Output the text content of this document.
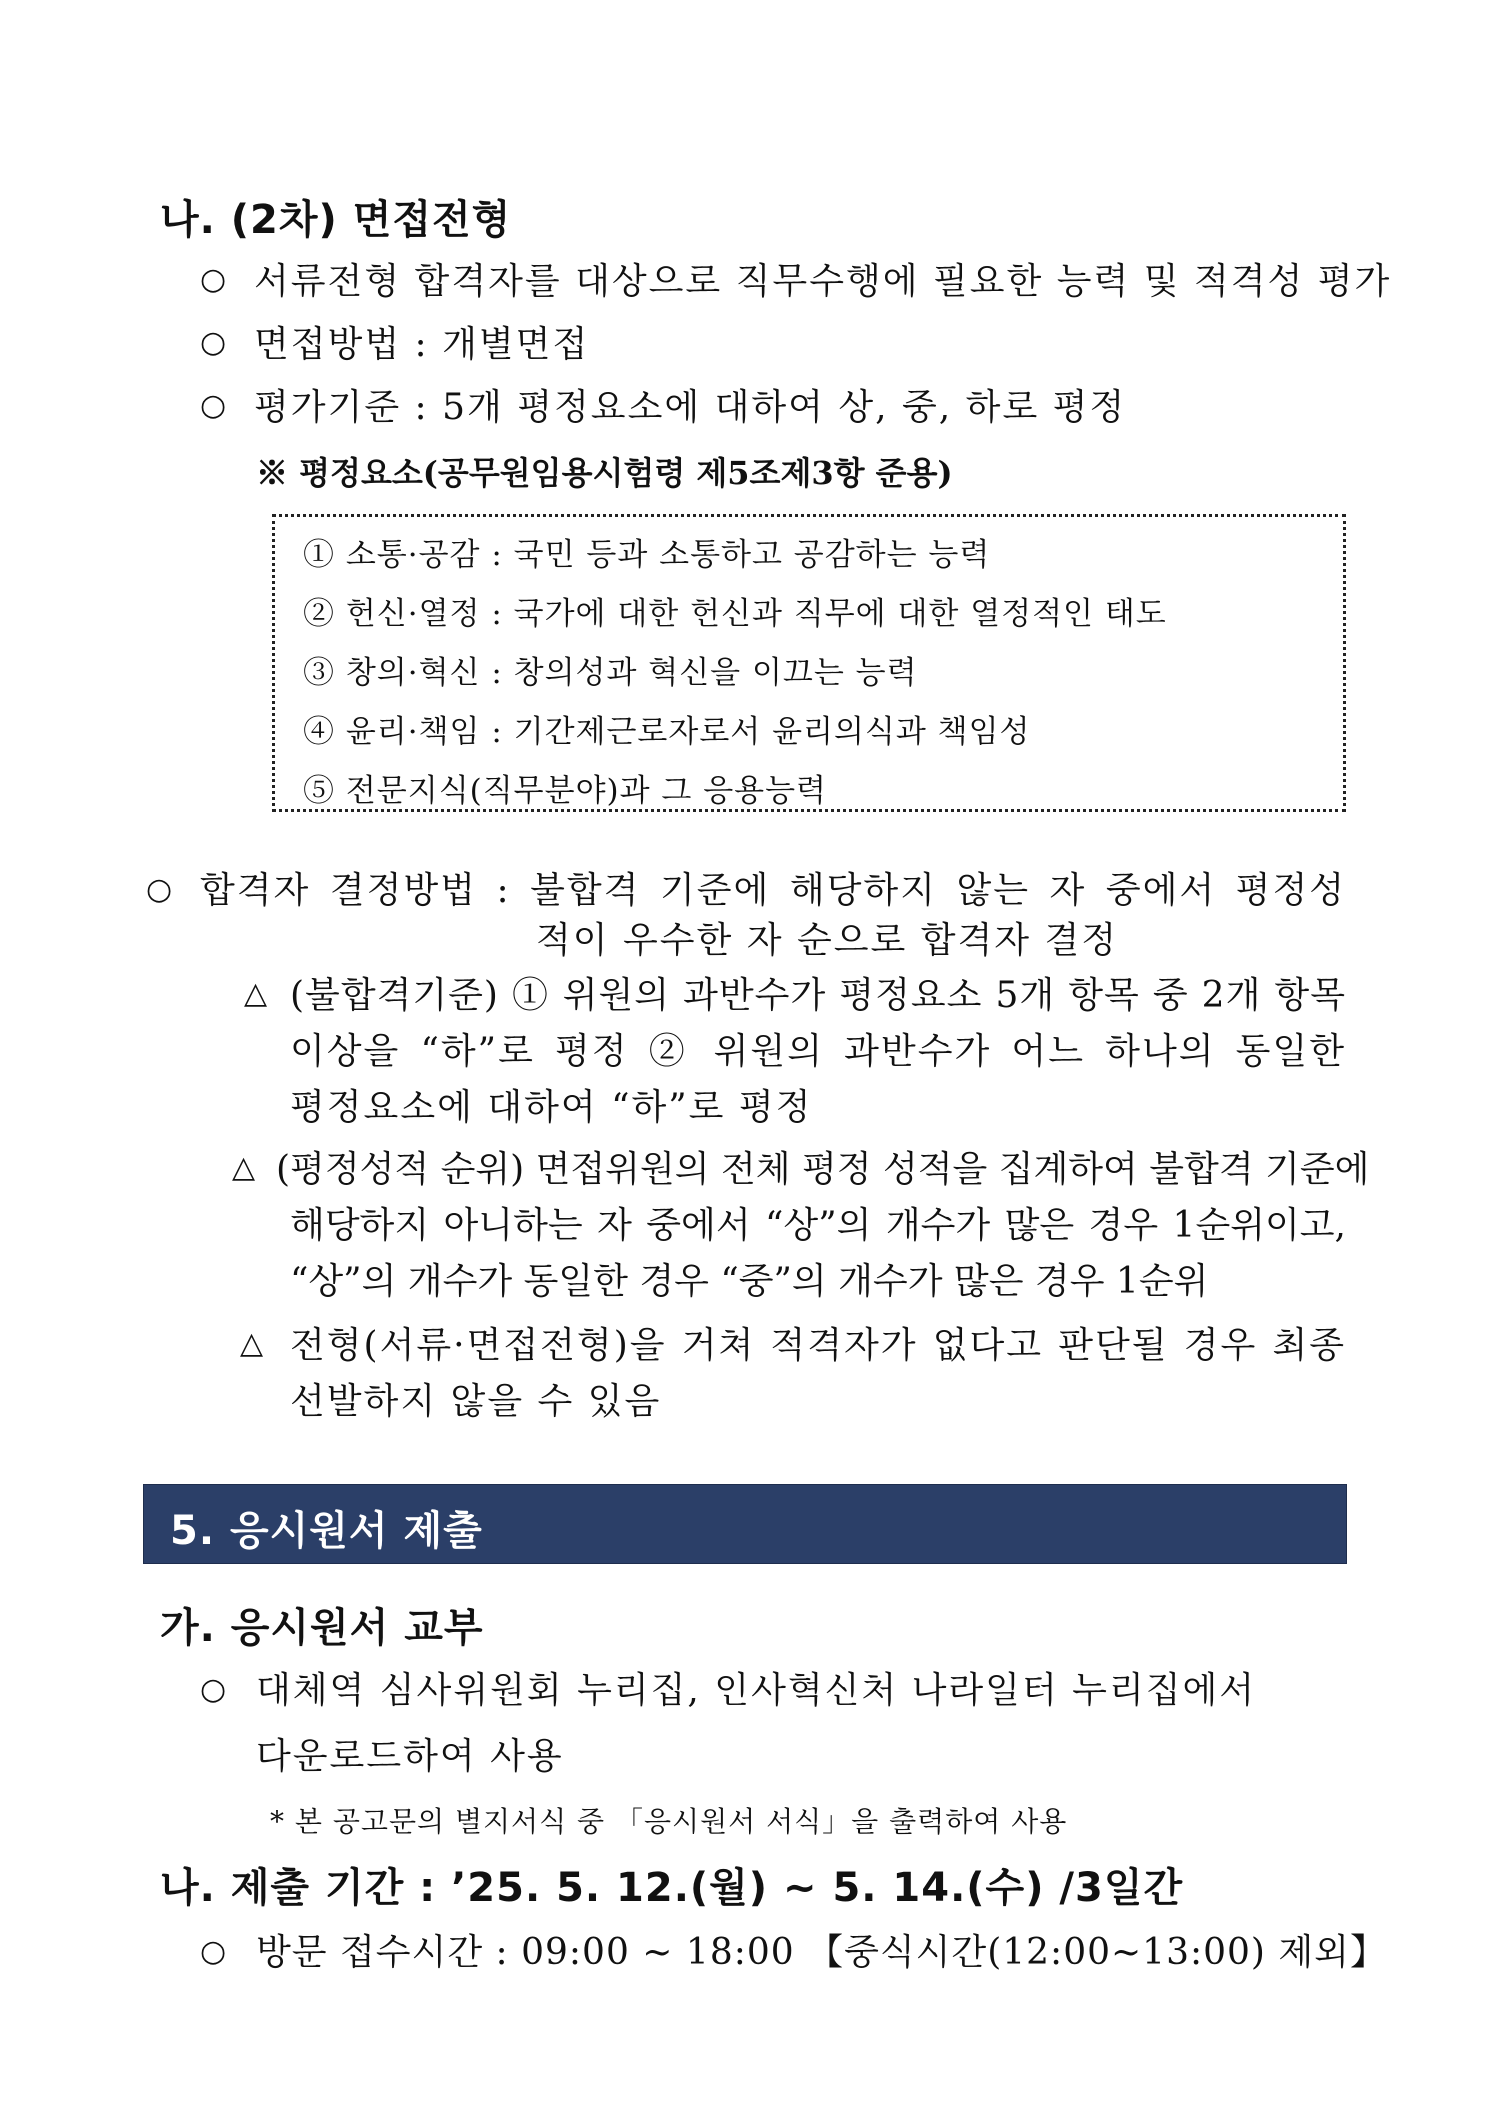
나. (2차) 면접전형
○ 서류전형 합격자를 대상으로 직무수행에 필요한 능력 및 적격성 평가
○ 면접방법 : 개별면접
○ 평가기준 : 5개 평정요소에 대하여 상, 중, 하로 평정
※ 평정요소(공무원임용시험령 제5조제3항 준용)
① 소통·공감 : 국민 등과 소통하고 공감하는 능력
② 헌신·열정 : 국가에 대한 헌신과 직무에 대한 열정적인 태도
③ 창의·혁신 : 창의성과 혁신을 이끄는 능력
④ 윤리·책임 : 기간제근로자로서 윤리의식과 책임성
⑤ 전문지식(직무분야)과 그 응용능력
○ 합격자 결정방법 : 불합격 기준에 해당하지 않는 자 중에서 평정성
적이 우수한 자 순으로 합격자 결정
△ (불합격기준) ① 위원의 과반수가 평정요소 5개 항목 중 2개 항목
이상을 “하”로 평정 ② 위원의 과반수가 어느 하나의 동일한
평정요소에 대하여 “하”로 평정
△ (평정성적 순위) 면접위원의 전체 평정 성적을 집계하여 불합격 기준에
해당하지 아니하는 자 중에서 “상”의 개수가 많은 경우 1순위이고,
“상”의 개수가 동일한 경우 “중”의 개수가 많은 경우 1순위
△ 전형(서류·면접전형)을 거쳐 적격자가 없다고 판단될 경우 최종
선발하지 않을 수 있음
5. 응시원서 제출
가. 응시원서 교부
○ 대체역 심사위원회 누리집, 인사혁신처 나라일터 누리집에서
다운로드하여 사용
* 본 공고문의 별지서식 중 「응시원서 서식」을 출력하여 사용
나. 제출 기간 : ’25. 5. 12.(월) ~ 5. 14.(수) /3일간
○ 방문 접수시간 : 09:00 ~ 18:00 【중식시간(12:00~13:00) 제외】
